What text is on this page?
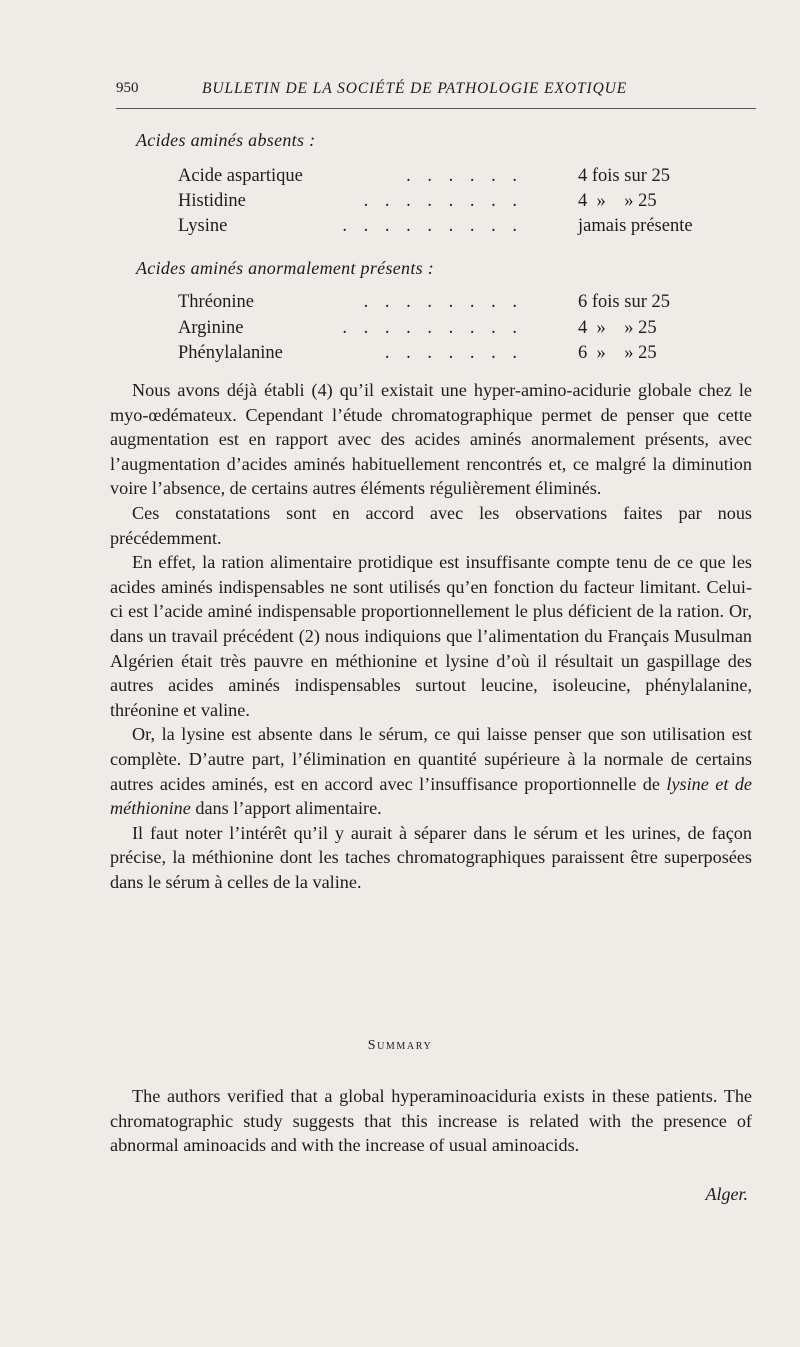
950	BULLETIN DE LA SOCIÉTÉ DE PATHOLOGIE EXOTIQUE
Acides aminés absents :
Acide aspartique	. . . . . .	4 fois sur 25
Histidine	. . . . . . . .	4  »    » 25
Lysine	. . . . . . . . .	jamais présente
Acides aminés anormalement présents :
Thréonine	. . . . . . . .	6 fois sur 25
Arginine	. . . . . . . . .	4  »    » 25
Phénylalanine	. . . . . . .	6  »    » 25

Nous avons déjà établi (4) qu’il existait une hyper-amino-acidurie globale chez le myo-œdémateux. Cependant l’étude chromatographique permet de penser que cette augmentation est en rapport avec des acides aminés anormalement présents, avec l’augmentation d’acides aminés habituellement rencontrés et, ce malgré la diminution voire l’absence, de certains autres éléments régulièrement éliminés.

Ces constatations sont en accord avec les observations faites par nous précédemment.

En effet, la ration alimentaire protidique est insuffisante compte tenu de ce que les acides aminés indispensables ne sont utilisés qu’en fonction du facteur limitant. Celui-ci est l’acide aminé indispensable proportionnellement le plus déficient de la ration. Or, dans un travail précédent (2) nous indiquions que l’alimentation du Français Musulman Algérien était très pauvre en méthionine et lysine d’où il résultait un gaspillage des autres acides aminés indispensables surtout leucine, isoleucine, phénylalanine, thréonine et valine.

Or, la lysine est absente dans le sérum, ce qui laisse penser que son utilisation est complète. D’autre part, l’élimination en quantité supérieure à la normale de certains autres acides aminés, est en accord avec l’insuffisance proportionnelle de lysine et de méthionine dans l’apport alimentaire.

Il faut noter l’intérêt qu’il y aurait à séparer dans le sérum et les urines, de façon précise, la méthionine dont les taches chromatographiques paraissent être superposées dans le sérum à celles de la valine.

Summary

The authors verified that a global hyperaminoaciduria exists in these patients. The chromatographic study suggests that this increase is related with the presence of abnormal aminoacids and with the increase of usual aminoacids.

Alger.
